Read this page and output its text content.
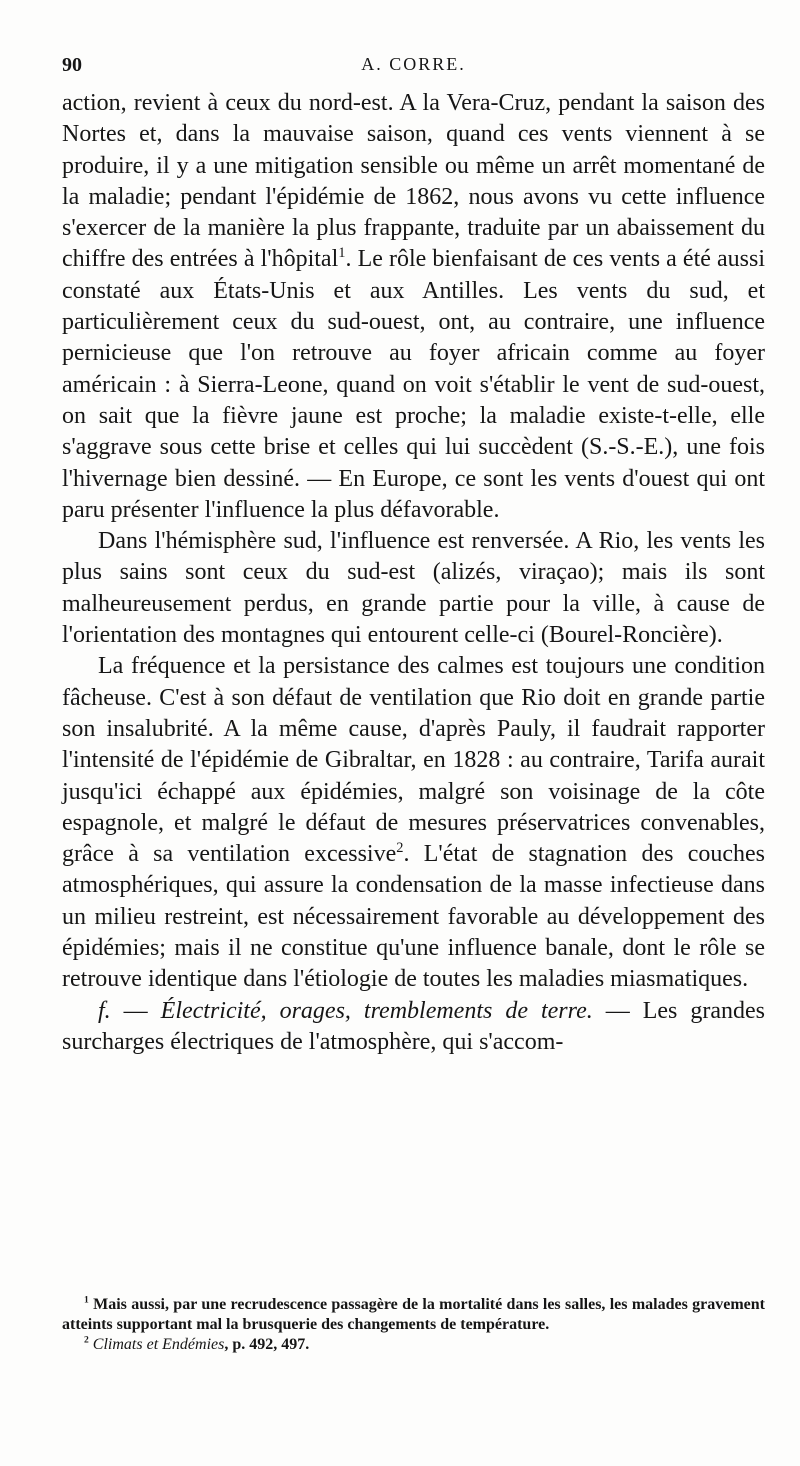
90	A. CORRE.

action, revient à ceux du nord-est. A la Vera-Cruz, pendant la saison des Nortes et, dans la mauvaise saison, quand ces vents viennent à se produire, il y a une mitigation sensible ou même un arrêt momentané de la maladie; pendant l'épidémie de 1862, nous avons vu cette influence s'exercer de la manière la plus frappante, traduite par un abaissement du chiffre des entrées à l'hôpital$^1$. Le rôle bienfaisant de ces vents a été aussi constaté aux États-Unis et aux Antilles. Les vents du sud, et particulièrement ceux du sud-ouest, ont, au contraire, une influence pernicieuse que l'on retrouve au foyer africain comme au foyer américain : à Sierra-Leone, quand on voit s'établir le vent de sud-ouest, on sait que la fièvre jaune est proche; la maladie existe-t-elle, elle s'aggrave sous cette brise et celles qui lui succèdent (S.-S.-E.), une fois l'hivernage bien dessiné. — En Europe, ce sont les vents d'ouest qui ont paru présenter l'influence la plus défavorable.

Dans l'hémisphère sud, l'influence est renversée. A Rio, les vents les plus sains sont ceux du sud-est (alizés, viraçao); mais ils sont malheureusement perdus, en grande partie pour la ville, à cause de l'orientation des montagnes qui entourent celle-ci (Bourel-Roncière).

La fréquence et la persistance des calmes est toujours une condition fâcheuse. C'est à son défaut de ventilation que Rio doit en grande partie son insalubrité. A la même cause, d'après Pauly, il faudrait rapporter l'intensité de l'épidémie de Gibraltar, en 1828 : au contraire, Tarifa aurait jusqu'ici échappé aux épidémies, malgré son voisinage de la côte espagnole, et malgré le défaut de mesures préservatrices convenables, grâce à sa ventilation excessive$^2$. L'état de stagnation des couches atmosphériques, qui assure la condensation de la masse infectieuse dans un milieu restreint, est nécessairement favorable au développement des épidémies; mais il ne constitue qu'une influence banale, dont le rôle se retrouve identique dans l'étiologie de toutes les maladies miasmatiques.

f. — Électricité, orages, tremblements de terre. — Les grandes surcharges électriques de l'atmosphère, qui s'accom-

$^1$ Mais aussi, par une recrudescence passagère de la mortalité dans les salles, les malades gravement atteints supportant mal la brusquerie des changements de température.

$^2$ Climats et Endémies, p. 492, 497.
